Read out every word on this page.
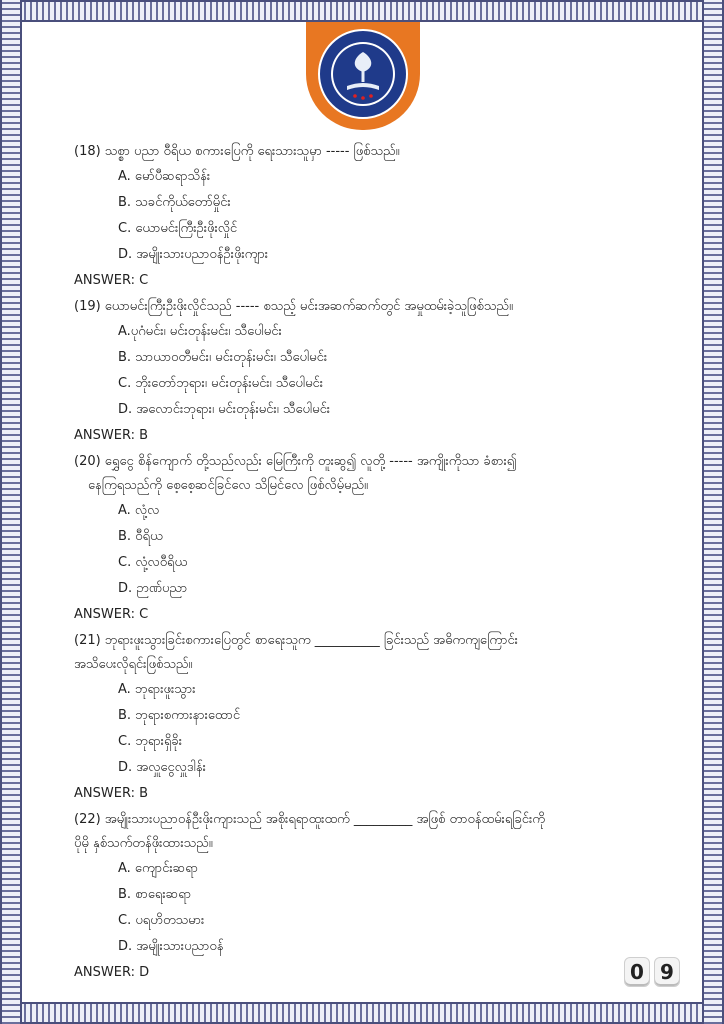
(18) သစ္စာ ပညာ ဝီရိယ စကားပြေကို ရေးသားသူမှာ ----- ဖြစ်သည်။
A. မော်ပီဆရာသိန်း
B. သခင်ကိုယ်တော်မှိုင်း
C. ယောမင်းကြီးဦးဖိုးလှိုင်
D. အမျိုးသားပညာဝန်ဦးဖိုးကျား
ANSWER: C
(19) ယောမင်းကြီးဦးဖိုးလှိုင်သည် ----- စသည့် မင်းအဆက်ဆက်တွင် အမှုထမ်းခဲ့သူဖြစ်သည်။
A.ပုဂံမင်း၊ မင်းတုန်းမင်း၊ သီပေါမင်း
B. သာယာဝတီမင်း၊ မင်းတုန်းမင်း၊ သီပေါမင်း
C. ဘိုးတော်ဘုရား၊ မင်းတုန်းမင်း၊ သီပေါမင်း
D. အလောင်းဘုရား၊ မင်းတုန်းမင်း၊ သီပေါမင်း
ANSWER: B
(20) ရွှေငွေ စိန်ကျောက် တို့သည်လည်း မြေကြီးကို တူးဆွ၍ လူတို့ ----- အကျိုးကိုသာ ခံစား၍
နေကြရသည်ကို စေ့စေ့ဆင်ခြင်လေ သိမြင်လေ ဖြစ်လိမ့်မည်။
A. လုံ့လ
B. ဝီရိယ
C. လုံ့လဝီရိယ
D. ဉာဏ်ပညာ
ANSWER: C
(21) ဘုရားဖူးသွားခြင်းစကားပြေတွင် စာရေးသူက __________ ခြင်းသည် အဓိကကျကြောင်း
အသိပေးလိုရင်းဖြစ်သည်။
A. ဘုရားဖူးသွား
B. ဘုရားစကားနားထောင်
C. ဘုရားရှိခိုး
D. အလှူငွေလှူဒါန်း
ANSWER: B
(22) အမျိုးသားပညာဝန်ဦးဖိုးကျားသည် အစိုးရရာထူးထက် _________ အဖြစ် တာဝန်ထမ်းရခြင်းကို
ပိုမို နှစ်သက်တန်ဖိုးထားသည်။
A. ကျောင်းဆရာ
B. စာရေးဆရာ
C. ပရဟိတသမား
D. အမျိုးသားပညာဝန်
ANSWER: D	0 9
